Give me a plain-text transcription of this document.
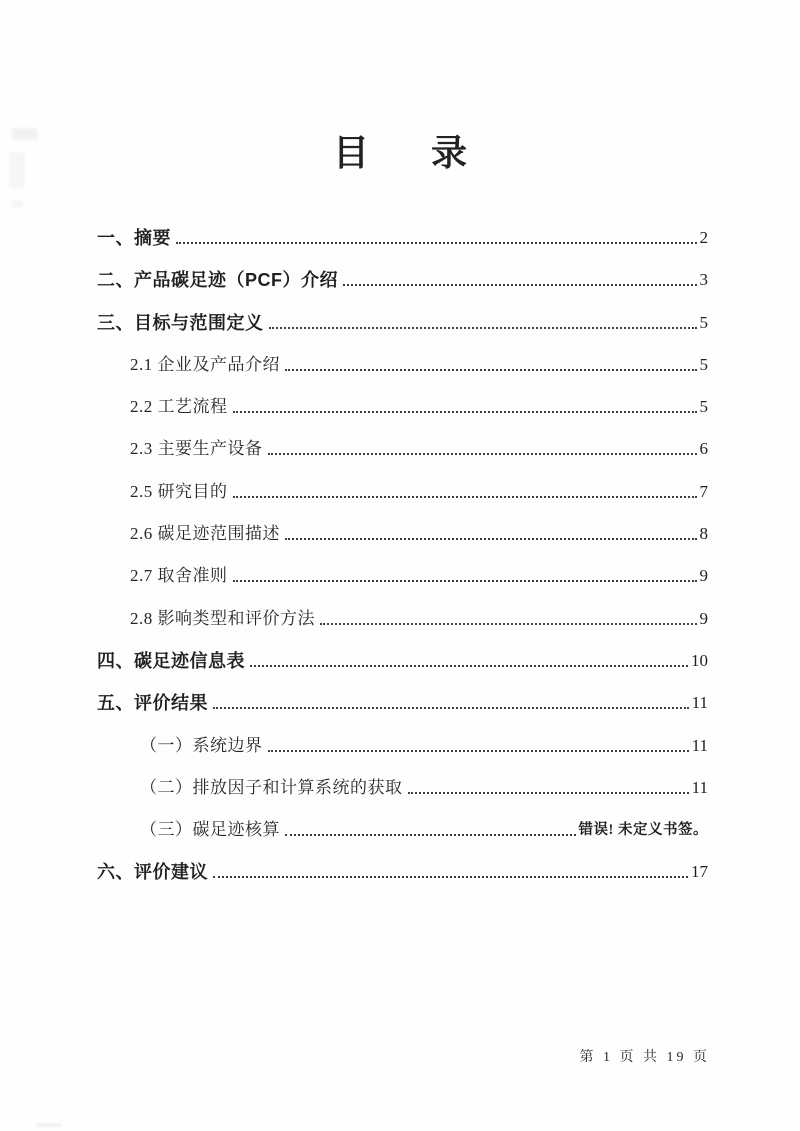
目 录
一、摘要	2
二、产品碳足迹（PCF）介绍	3
三、目标与范围定义	5
2.1 企业及产品介绍	5
2.2 工艺流程	5
2.3 主要生产设备	6
2.5 研究目的	7
2.6 碳足迹范围描述	8
2.7 取舍准则	9
2.8 影响类型和评价方法	9
四、碳足迹信息表	10
五、评价结果	11
（一）系统边界	11
（二）排放因子和计算系统的获取	11
（三）碳足迹核算	错误! 未定义书签。
六、评价建议	17
第 1 页 共 19 页
